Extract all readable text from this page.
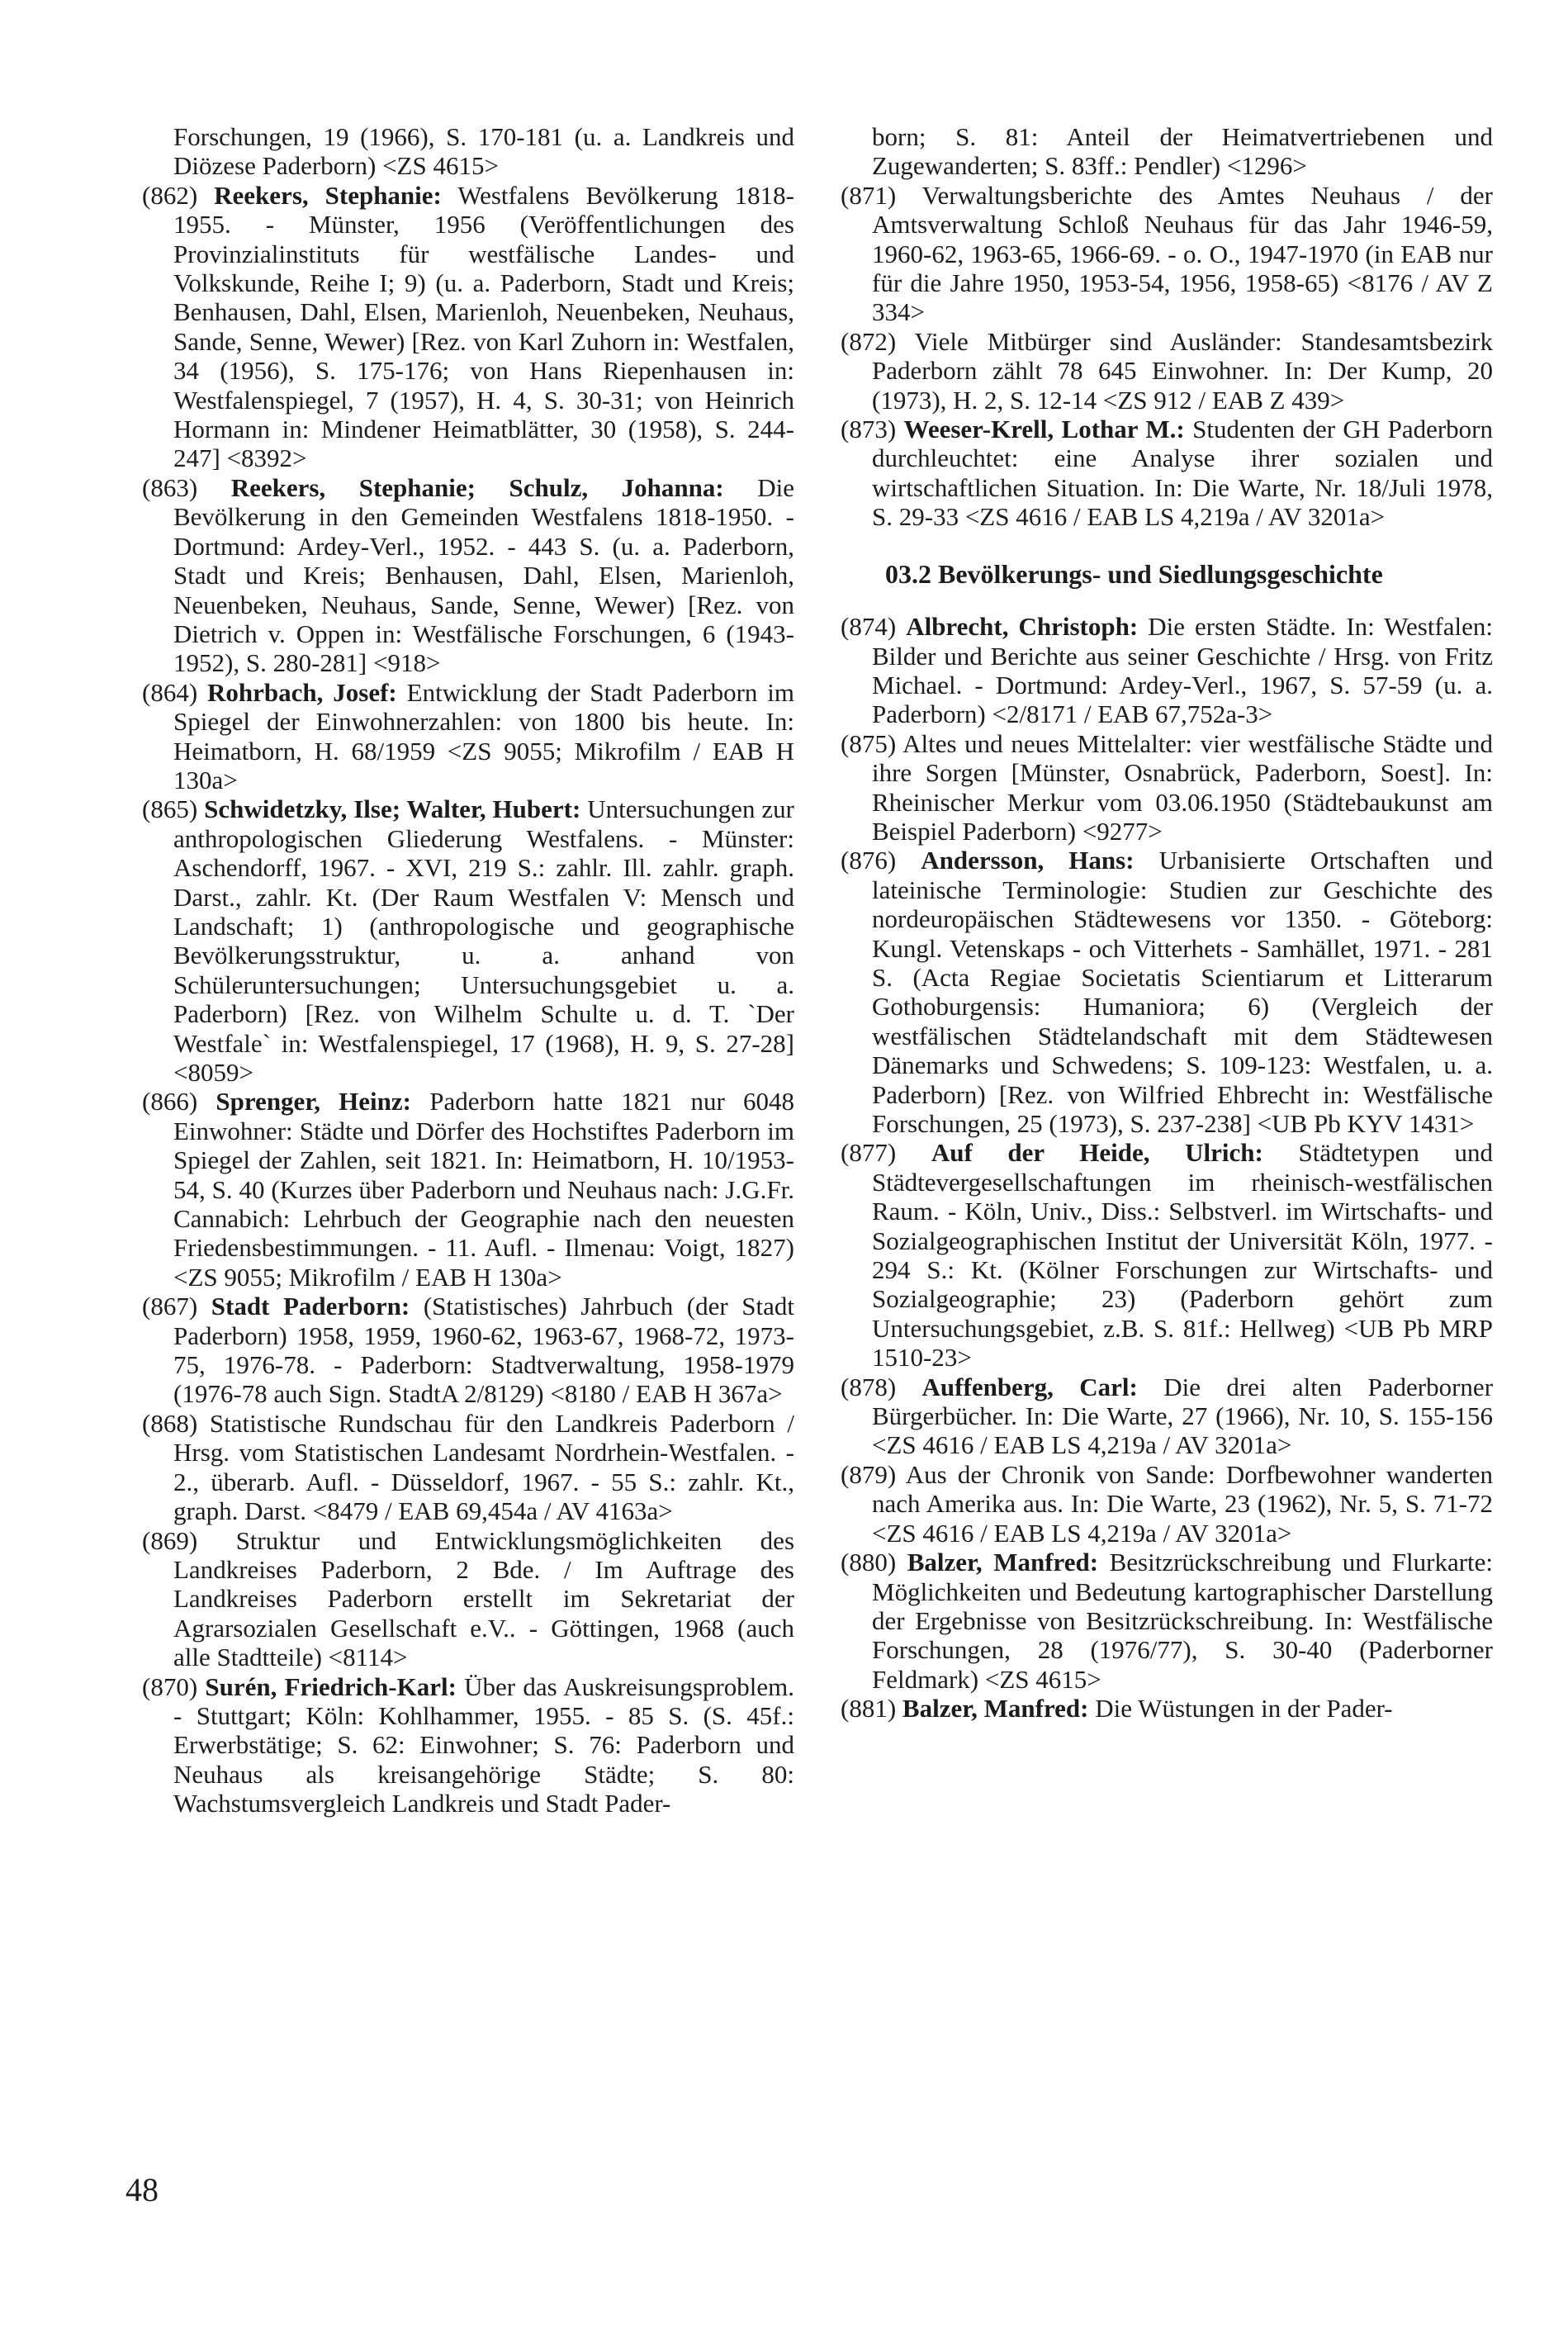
Forschungen, 19 (1966), S. 170-181 (u. a. Landkreis und Diözese Paderborn) <ZS 4615>

(862) Reekers, Stephanie: Westfalens Bevölkerung 1818-1955. - Münster, 1956 (Veröffentlichungen des Provinzialinstituts für westfälische Landes- und Volkskunde, Reihe I; 9) (u. a. Paderborn, Stadt und Kreis; Benhausen, Dahl, Elsen, Marienloh, Neuenbeken, Neuhaus, Sande, Senne, Wewer) [Rez. von Karl Zuhorn in: Westfalen, 34 (1956), S. 175-176; von Hans Riepenhausen in: Westfalenspiegel, 7 (1957), H. 4, S. 30-31; von Heinrich Hormann in: Mindener Heimatblätter, 30 (1958), S. 244-247] <8392>

(863) Reekers, Stephanie; Schulz, Johanna: Die Bevölkerung in den Gemeinden Westfalens 1818-1950. - Dortmund: Ardey-Verl., 1952. - 443 S. (u. a. Paderborn, Stadt und Kreis; Benhausen, Dahl, Elsen, Marienloh, Neuenbeken, Neuhaus, Sande, Senne, Wewer) [Rez. von Dietrich v. Oppen in: Westfälische Forschungen, 6 (1943-1952), S. 280-281] <918>

(864) Rohrbach, Josef: Entwicklung der Stadt Paderborn im Spiegel der Einwohnerzahlen: von 1800 bis heute. In: Heimatborn, H. 68/1959 <ZS 9055; Mikrofilm / EAB H 130a>

(865) Schwidetzky, Ilse; Walter, Hubert: Untersuchungen zur anthropologischen Gliederung Westfalens. - Münster: Aschendorff, 1967. - XVI, 219 S.: zahlr. Ill. zahlr. graph. Darst., zahlr. Kt. (Der Raum Westfalen V: Mensch und Landschaft; 1) (anthropologische und geographische Bevölkerungsstruktur, u. a. anhand von Schüleruntersuchungen; Untersuchungsgebiet u. a. Paderborn) [Rez. von Wilhelm Schulte u. d. T. `Der Westfale` in: Westfalenspiegel, 17 (1968), H. 9, S. 27-28] <8059>

(866) Sprenger, Heinz: Paderborn hatte 1821 nur 6048 Einwohner: Städte und Dörfer des Hochstiftes Paderborn im Spiegel der Zahlen, seit 1821. In: Heimatborn, H. 10/1953-54, S. 40 (Kurzes über Paderborn und Neuhaus nach: J.G.Fr. Cannabich: Lehrbuch der Geographie nach den neuesten Friedensbestimmungen. - 11. Aufl. - Ilmenau: Voigt, 1827) <ZS 9055; Mikrofilm / EAB H 130a>

(867) Stadt Paderborn: (Statistisches) Jahrbuch (der Stadt Paderborn) 1958, 1959, 1960-62, 1963-67, 1968-72, 1973-75, 1976-78. - Paderborn: Stadtverwaltung, 1958-1979 (1976-78 auch Sign. StadtA 2/8129) <8180 / EAB H 367a>

(868) Statistische Rundschau für den Landkreis Paderborn / Hrsg. vom Statistischen Landesamt Nordrhein-Westfalen. - 2., überarb. Aufl. - Düsseldorf, 1967. - 55 S.: zahlr. Kt., graph. Darst. <8479 / EAB 69,454a / AV 4163a>

(869) Struktur und Entwicklungsmöglichkeiten des Landkreises Paderborn, 2 Bde. / Im Auftrage des Landkreises Paderborn erstellt im Sekretariat der Agrarsozialen Gesellschaft e.V.. - Göttingen, 1968 (auch alle Stadtteile) <8114>

(870) Surén, Friedrich-Karl: Über das Auskreisungsproblem. - Stuttgart; Köln: Kohlhammer, 1955. - 85 S. (S. 45f.: Erwerbstätige; S. 62: Einwohner; S. 76: Paderborn und Neuhaus als kreisangehörige Städte; S. 80: Wachstumsvergleich Landkreis und Stadt Pader-

born; S. 81: Anteil der Heimatvertriebenen und Zugewanderten; S. 83ff.: Pendler) <1296>

(871) Verwaltungsberichte des Amtes Neuhaus / der Amtsverwaltung Schloß Neuhaus für das Jahr 1946-59, 1960-62, 1963-65, 1966-69. - o. O., 1947-1970 (in EAB nur für die Jahre 1950, 1953-54, 1956, 1958-65) <8176 / AV Z 334>

(872) Viele Mitbürger sind Ausländer: Standesamtsbezirk Paderborn zählt 78 645 Einwohner. In: Der Kump, 20 (1973), H. 2, S. 12-14 <ZS 912 / EAB Z 439>

(873) Weeser-Krell, Lothar M.: Studenten der GH Paderborn durchleuchtet: eine Analyse ihrer sozialen und wirtschaftlichen Situation. In: Die Warte, Nr. 18/Juli 1978, S. 29-33 <ZS 4616 / EAB LS 4,219a / AV 3201a>

03.2 Bevölkerungs- und Siedlungsgeschichte

(874) Albrecht, Christoph: Die ersten Städte. In: Westfalen: Bilder und Berichte aus seiner Geschichte / Hrsg. von Fritz Michael. - Dortmund: Ardey-Verl., 1967, S. 57-59 (u. a. Paderborn) <2/8171 / EAB 67,752a-3>

(875) Altes und neues Mittelalter: vier westfälische Städte und ihre Sorgen [Münster, Osnabrück, Paderborn, Soest]. In: Rheinischer Merkur vom 03.06.1950 (Städtebaukunst am Beispiel Paderborn) <9277>

(876) Andersson, Hans: Urbanisierte Ortschaften und lateinische Terminologie: Studien zur Geschichte des nordeuropäischen Städtewesens vor 1350. - Göteborg: Kungl. Vetenskaps - och Vitterhets - Samhället, 1971. - 281 S. (Acta Regiae Societatis Scientiarum et Litterarum Gothoburgensis: Humaniora; 6) (Vergleich der westfälischen Städtelandschaft mit dem Städtewesen Dänemarks und Schwedens; S. 109-123: Westfalen, u. a. Paderborn) [Rez. von Wilfried Ehbrecht in: Westfälische Forschungen, 25 (1973), S. 237-238] <UB Pb KYV 1431>

(877) Auf der Heide, Ulrich: Städtetypen und Städtevergesellschaftungen im rheinisch-westfälischen Raum. - Köln, Univ., Diss.: Selbstverl. im Wirtschafts- und Sozialgeographischen Institut der Universität Köln, 1977. - 294 S.: Kt. (Kölner Forschungen zur Wirtschafts- und Sozialgeographie; 23) (Paderborn gehört zum Untersuchungsgebiet, z.B. S. 81f.: Hellweg) <UB Pb MRP 1510-23>

(878) Auffenberg, Carl: Die drei alten Paderborner Bürgerbücher. In: Die Warte, 27 (1966), Nr. 10, S. 155-156 <ZS 4616 / EAB LS 4,219a / AV 3201a>

(879) Aus der Chronik von Sande: Dorfbewohner wanderten nach Amerika aus. In: Die Warte, 23 (1962), Nr. 5, S. 71-72 <ZS 4616 / EAB LS 4,219a / AV 3201a>

(880) Balzer, Manfred: Besitzrückschreibung und Flurkarte: Möglichkeiten und Bedeutung kartographischer Darstellung der Ergebnisse von Besitzrückschreibung. In: Westfälische Forschungen, 28 (1976/77), S. 30-40 (Paderborner Feldmark) <ZS 4615>

(881) Balzer, Manfred: Die Wüstungen in der Pader-

48
